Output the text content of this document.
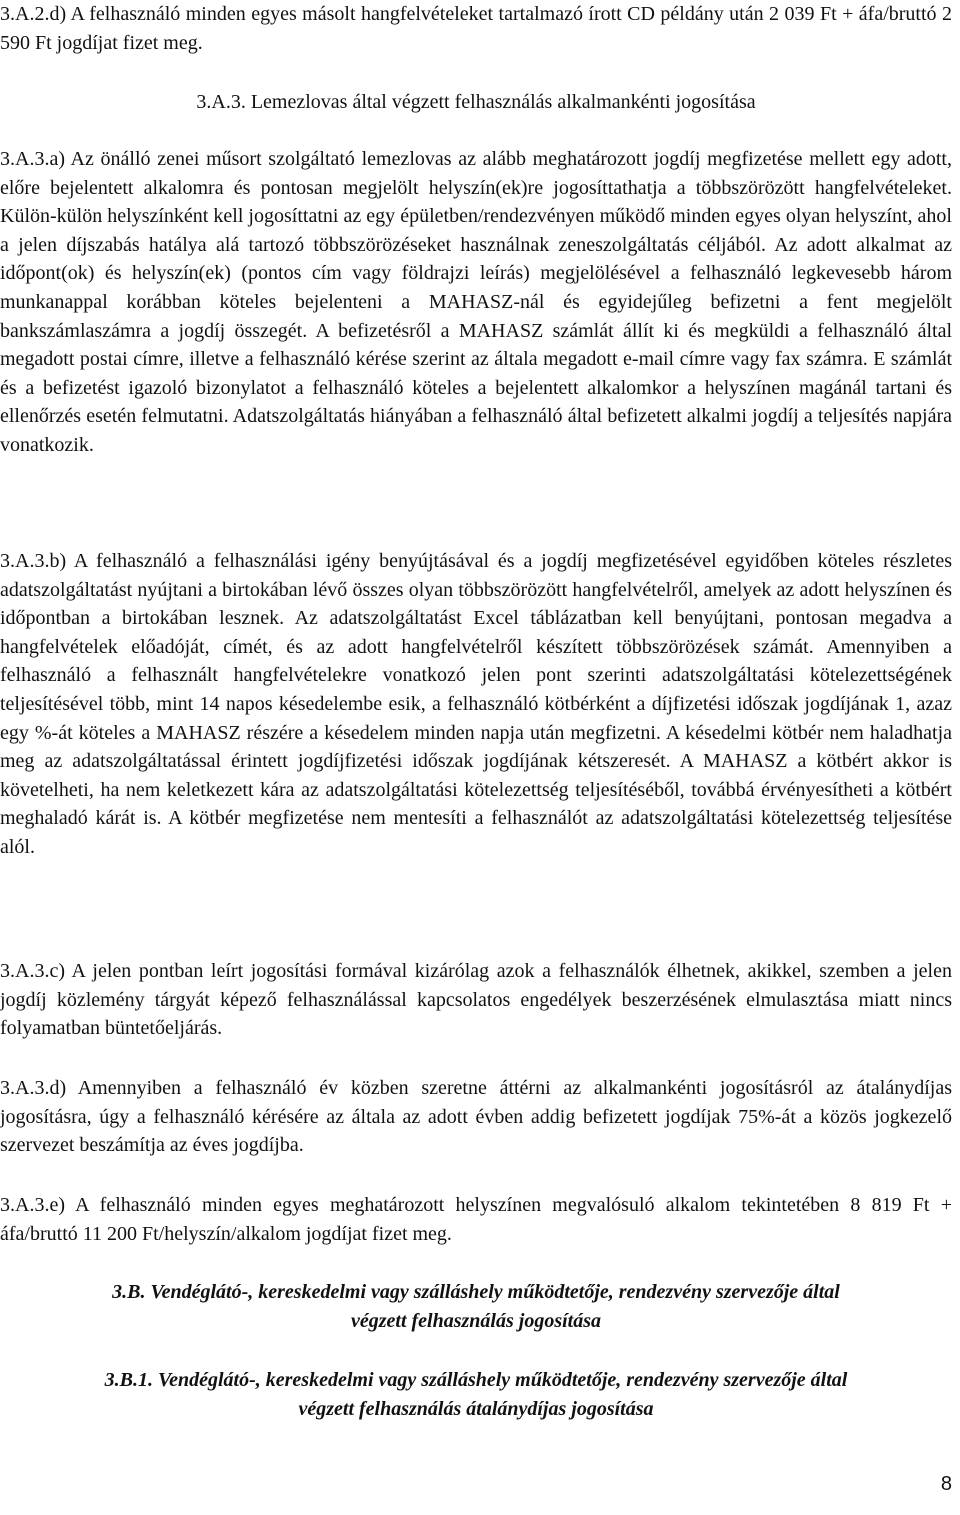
3.A.2.d) A felhasználó minden egyes másolt hangfelvételeket tartalmazó írott CD példány után 2 039 Ft + áfa/bruttó 2 590 Ft jogdíjat fizet meg.

3.A.3. Lemezlovas által végzett felhasználás alkalmankénti jogosítása

3.A.3.a) Az önálló zenei műsort szolgáltató lemezlovas az alább meghatározott jogdíj megfizetése mellett egy adott, előre bejelentett alkalomra és pontosan megjelölt helyszín(ek)re jogosíttathatja a többszörözött hangfelvételeket. Külön-külön helyszínként kell jogosíttatni az egy épületben/rendezvényen működő minden egyes olyan helyszínt, ahol a jelen díjszabás hatálya alá tartozó többszörözéseket használnak zeneszolgáltatás céljából. Az adott alkalmat az időpont(ok) és helyszín(ek) (pontos cím vagy földrajzi leírás) megjelölésével a felhasználó legkevesebb három munkanappal korábban köteles bejelenteni a MAHASZ-nál és egyidejűleg befizetni a fent megjelölt bankszámlaszámra a jogdíj összegét. A befizetésről a MAHASZ számlát állít ki és megküldi a felhasználó által megadott postai címre, illetve a felhasználó kérése szerint az általa megadott e-mail címre vagy fax számra. E számlát és a befizetést igazoló bizonylatot a felhasználó köteles a bejelentett alkalomkor a helyszínen magánál tartani és ellenőrzés esetén felmutatni. Adatszolgáltatás hiányában a felhasználó által befizetett alkalmi jogdíj a teljesítés napjára vonatkozik.

3.A.3.b) A felhasználó a felhasználási igény benyújtásával és a jogdíj megfizetésével egyidőben köteles részletes adatszolgáltatást nyújtani a birtokában lévő összes olyan többszörözött hangfelvételről, amelyek az adott helyszínen és időpontban a birtokában lesznek. Az adatszolgáltatást Excel táblázatban kell benyújtani, pontosan megadva a hangfelvételek előadóját, címét, és az adott hangfelvételről készített többszörözések számát. Amennyiben a felhasználó a felhasznált hangfelvételekre vonatkozó jelen pont szerinti adatszolgáltatási kötelezettségének teljesítésével több, mint 14 napos késedelembe esik, a felhasználó kötbérként a díjfizetési időszak jogdíjának 1, azaz egy %-át köteles a MAHASZ részére a késedelem minden napja után megfizetni. A késedelmi kötbér nem haladhatja meg az adatszolgáltatással érintett jogdíjfizetési időszak jogdíjának kétszeresét. A MAHASZ a kötbért akkor is követelheti, ha nem keletkezett kára az adatszolgáltatási kötelezettség teljesítéséből, továbbá érvényesítheti a kötbért meghaladó kárát is. A kötbér megfizetése nem mentesíti a felhasználót az adatszolgáltatási kötelezettség teljesítése alól.

3.A.3.c) A jelen pontban leírt jogosítási formával kizárólag azok a felhasználók élhetnek, akikkel, szemben a jelen jogdíj közlemény tárgyát képező felhasználással kapcsolatos engedélyek beszerzésének elmulasztása miatt nincs folyamatban büntetőeljárás.

3.A.3.d) Amennyiben a felhasználó év közben szeretne áttérni az alkalmankénti jogosításról az átalánydíjas jogosításra, úgy a felhasználó kérésére az általa az adott évben addig befizetett jogdíjak 75%-át a közös jogkezelő szervezet beszámítja az éves jogdíjba.

3.A.3.e) A felhasználó minden egyes meghatározott helyszínen megvalósuló alkalom tekintetében 8 819 Ft + áfa/bruttó 11 200 Ft/helyszín/alkalom jogdíjat fizet meg.

3.B. Vendéglátó-, kereskedelmi vagy szálláshely működtetője, rendezvény szervezője által
végzett felhasználás jogosítása
3.B.1. Vendéglátó-, kereskedelmi vagy szálláshely működtetője, rendezvény szervezője által
végzett felhasználás átalánydíjas jogosítása
8
